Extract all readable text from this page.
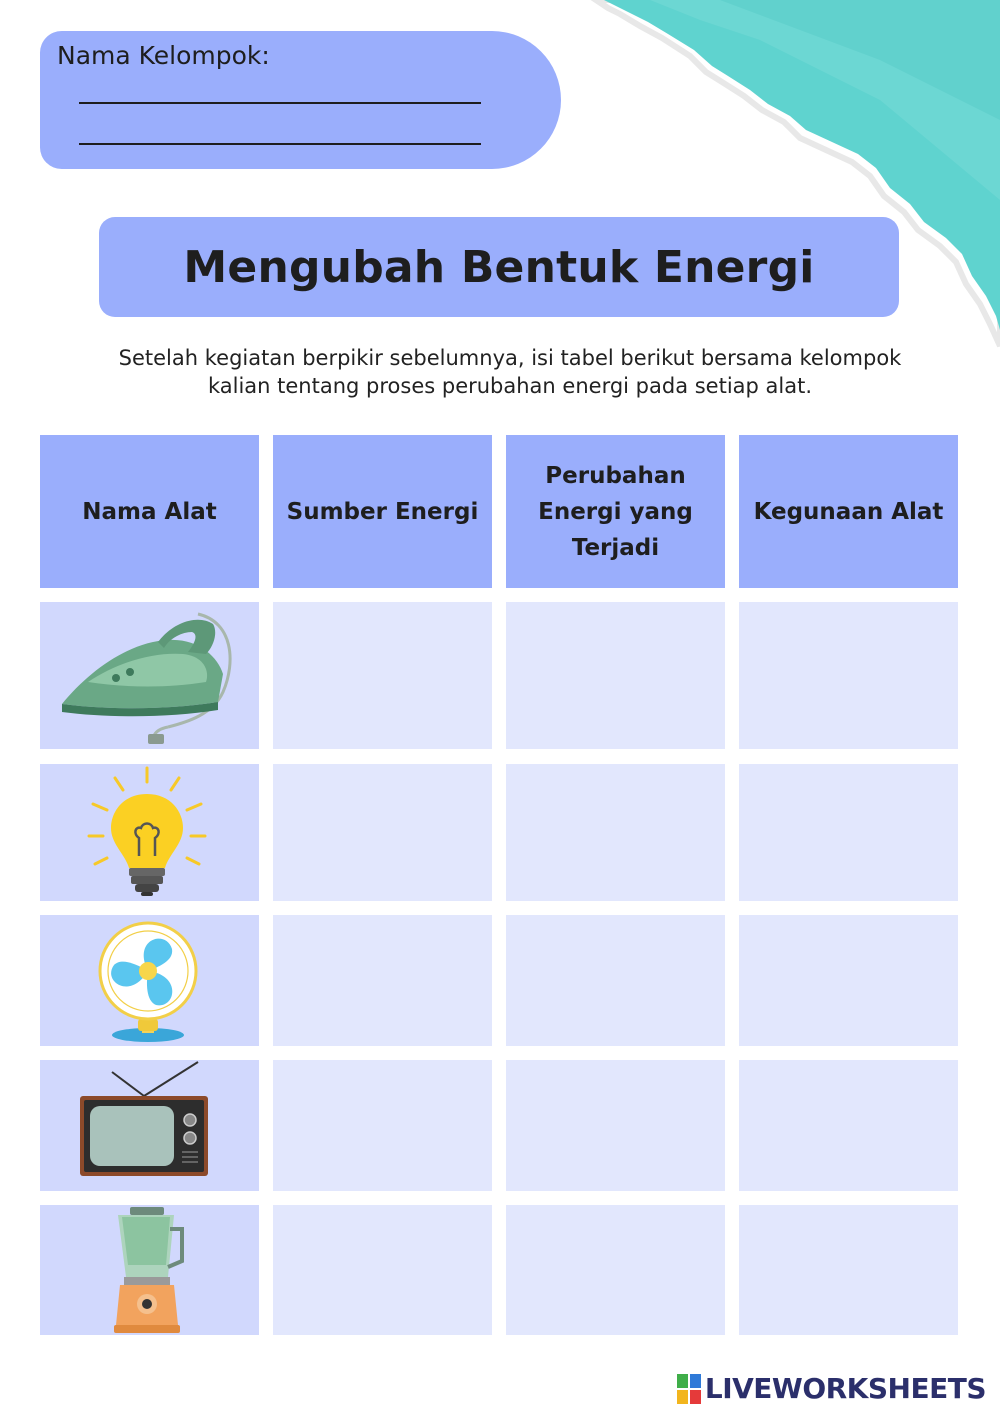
Nama Kelompok:
Mengubah Bentuk Energi
Setelah kegiatan berpikir sebelumnya, isi tabel berikut bersama kelompok
kalian tentang proses perubahan energi pada setiap alat.
Nama Alat	Sumber Energi
Perubahan Energi yang Terjadi
Kegunaan Alat
LIVEWORKSHEETS
